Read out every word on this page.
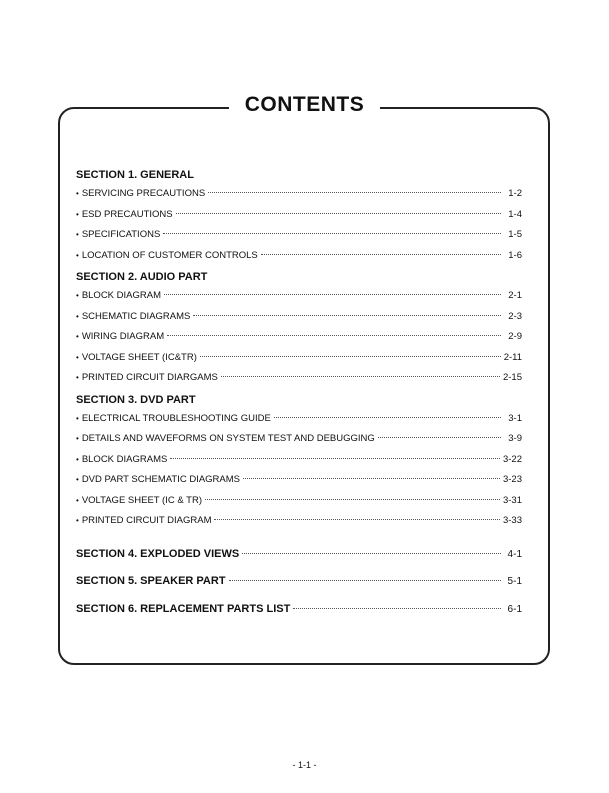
CONTENTS
SECTION 1. GENERAL
• SERVICING PRECAUTIONS	1-2
• ESD PRECAUTIONS	1-4
• SPECIFICATIONS	1-5
• LOCATION OF CUSTOMER CONTROLS	1-6
SECTION 2. AUDIO PART
• BLOCK DIAGRAM	2-1
• SCHEMATIC DIAGRAMS	2-3
• WIRING DIAGRAM	2-9
• VOLTAGE SHEET (IC&TR)	2-11
• PRINTED CIRCUIT DIARGAMS	2-15
SECTION 3. DVD PART
• ELECTRICAL TROUBLESHOOTING GUIDE	3-1
• DETAILS AND WAVEFORMS ON SYSTEM TEST AND DEBUGGING	3-9
• BLOCK DIAGRAMS	3-22
• DVD PART SCHEMATIC DIAGRAMS	3-23
• VOLTAGE SHEET (IC & TR)	3-31
• PRINTED CIRCUIT DIAGRAM	3-33
SECTION 4. EXPLODED VIEWS	4-1
SECTION 5. SPEAKER PART	5-1
SECTION 6. REPLACEMENT PARTS LIST	6-1
- 1-1 -
